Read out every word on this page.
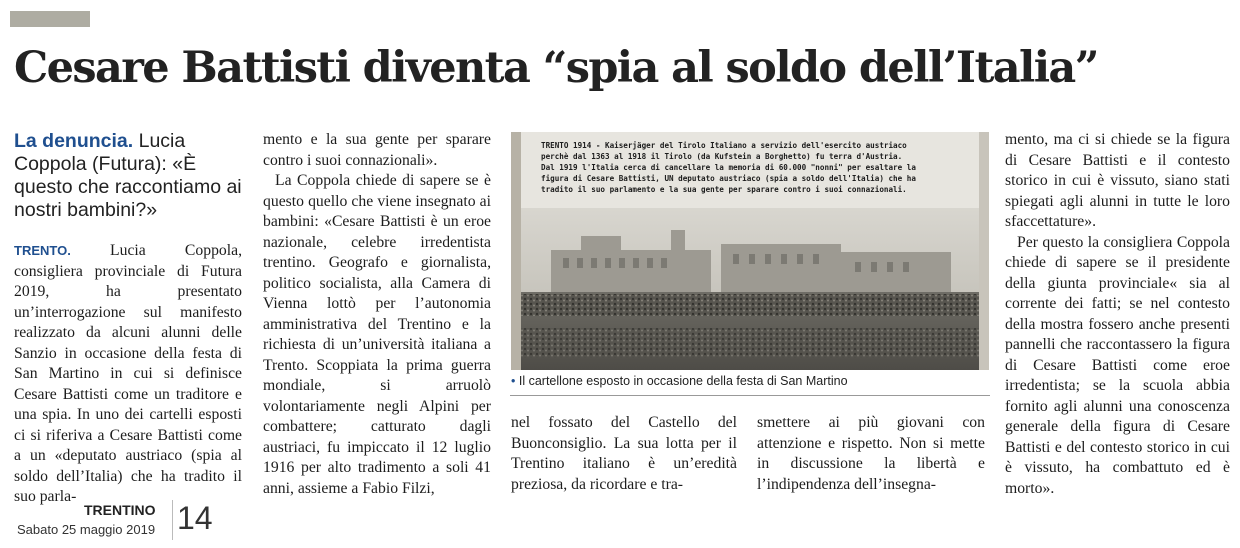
Cesare Battisti diventa “spia al soldo dell’Italia”
La denuncia. Lucia Coppola (Futura): «È questo che raccontiamo ai nostri bambini?»

TRENTO. Lucia Coppola, consigliera provinciale di Futura 2019, ha presentato un’interrogazione sul manifesto realizzato da alcuni alunni delle Sanzio in occasione della festa di San Martino in cui si definisce Cesare Battisti come un traditore e una spia. In uno dei cartelli esposti ci si riferiva a Cesare Battisti come a un «deputato austriaco (spia al soldo dell’Italia) che ha tradito il suo parla-

mento e la sua gente per sparare contro i suoi connazionali».

La Coppola chiede di sapere se è questo quello che viene insegnato ai bambini: «Cesare Battisti è un eroe nazionale, celebre irredentista trentino. Geografo e giornalista, politico socialista, alla Camera di Vienna lottò per l’autonomia amministrativa del Trentino e la richiesta di un’università italiana a Trento. Scoppiata la prima guerra mondiale, si arruolò volontariamente negli Alpini per combattere; catturato dagli austriaci, fu impiccato il 12 luglio 1916 per alto tradimento a soli 41 anni, assieme a Fabio Filzi,

TRENTO 1914 - Kaiserjäger del Tirolo Italiano a servizio dell'esercito austriaco
perchè dal 1363 al 1918 il Tirolo (da Kufstein a Borghetto) fu terra d'Austria.
Dal 1919 l'Italia cerca di cancellare la memoria di 60.000 "nonni" per esaltare la
figura di Cesare Battisti, UN deputato austriaco (spia a soldo dell'Italia) che ha
tradito il suo parlamento e la sua gente per sparare contro i suoi connazionali.
• Il cartellone esposto in occasione della festa di San Martino

nel fossato del Castello del Buonconsiglio. La sua lotta per il Trentino italiano è un’eredità preziosa, da ricordare e tra-

smettere ai più giovani con attenzione e rispetto. Non si mette in discussione la libertà e l’indipendenza dell’insegna-

mento, ma ci si chiede se la figura di Cesare Battisti e il contesto storico in cui è vissuto, siano stati spiegati agli alunni in tutte le loro sfaccettature».

Per questo la consigliera Coppola chiede di sapere se il presidente della giunta provinciale« sia al corrente dei fatti; se nel contesto della mostra fossero anche presenti pannelli che raccontassero la figura di Cesare Battisti come eroe irredentista; se la scuola abbia fornito agli alunni una conoscenza generale della figura di Cesare Battisti e del contesto storico in cui è vissuto, ha combattuto ed è morto».

TRENTINO
Sabato 25 maggio 2019 14
